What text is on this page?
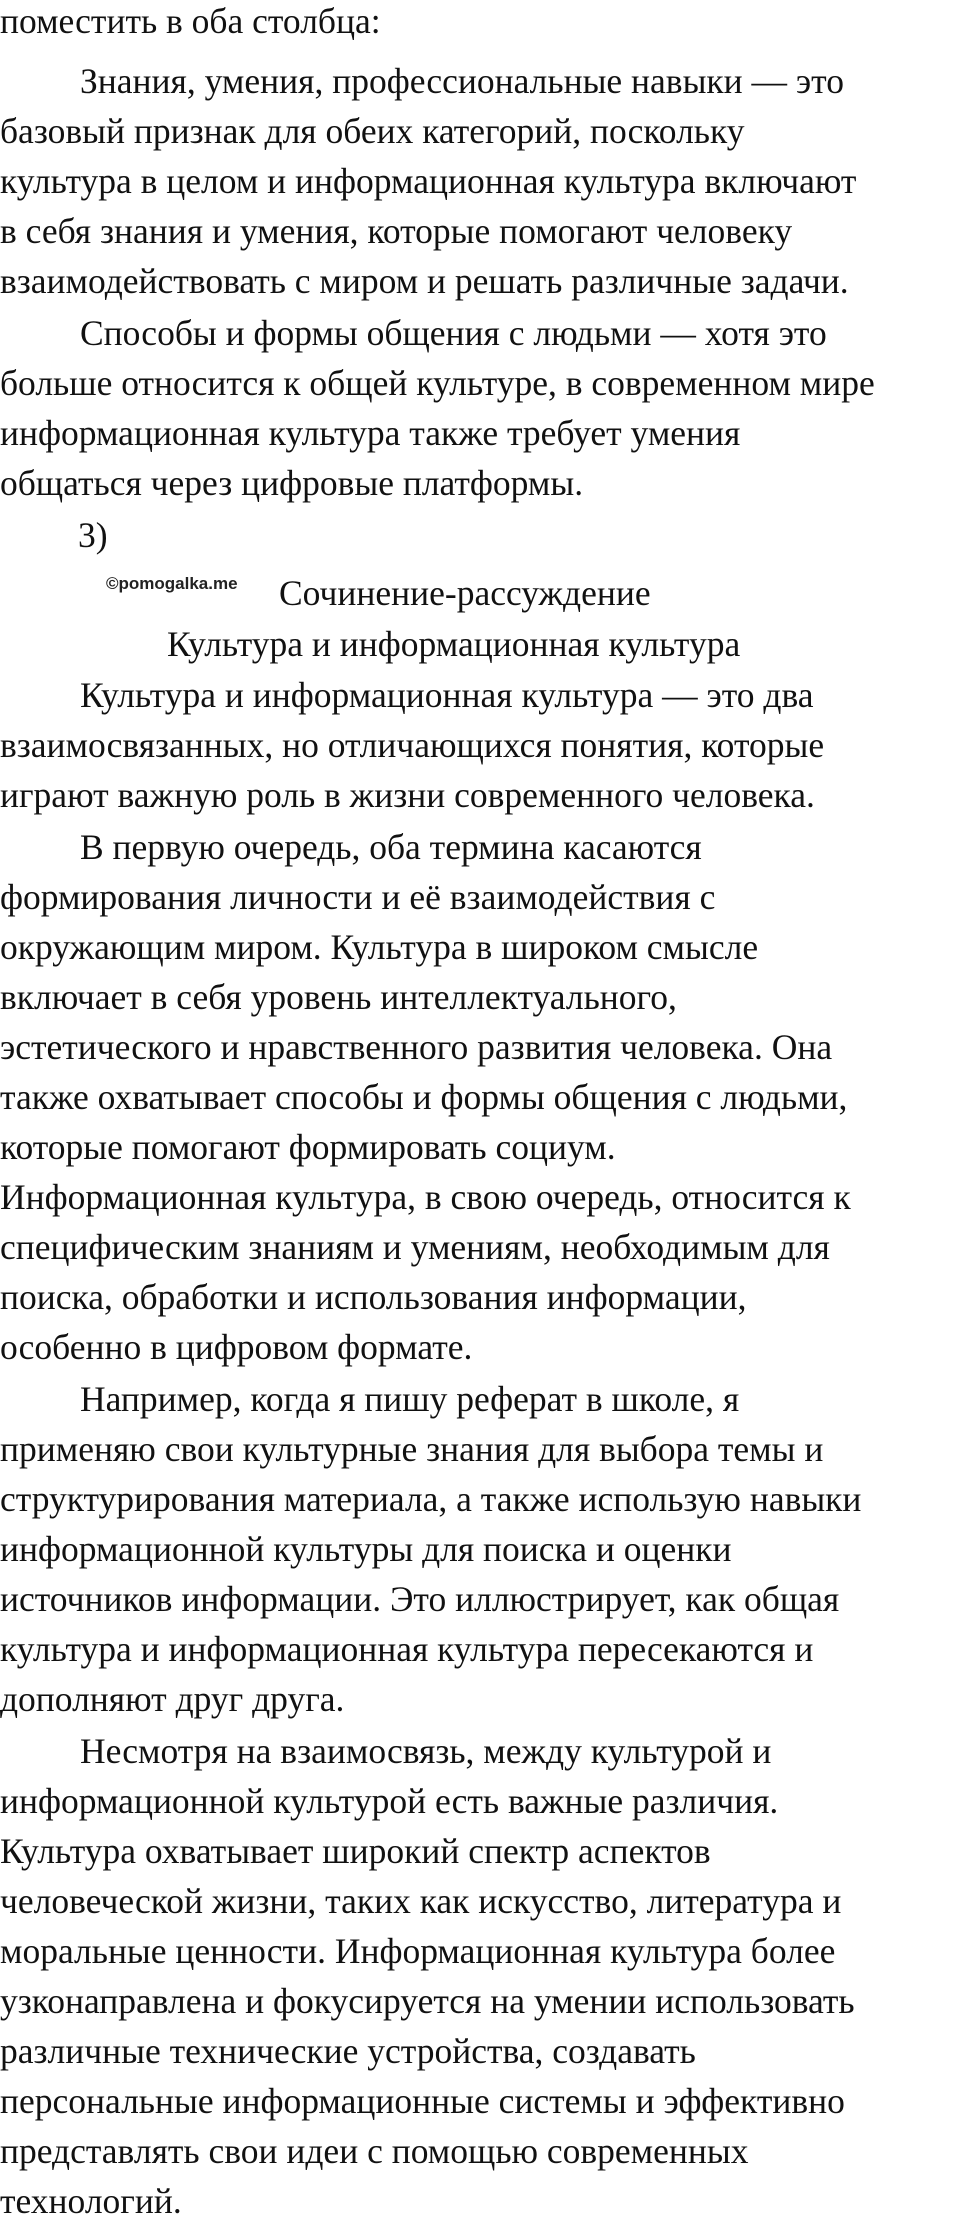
поместить в оба столбца:
Знания, умения, профессиональные навыки — это
базовый признак для обеих категорий, поскольку
культура в целом и информационная культура включают
в себя знания и умения, которые помогают человеку
взаимодействовать с миром и решать различные задачи.
Способы и формы общения с людьми — хотя это
больше относится к общей культуре, в современном мире
информационная культура также требует умения
общаться через цифровые платформы.
3)
©pomogalka.me Сочинение-рассуждение
Культура и информационная культура
Культура и информационная культура — это два
взаимосвязанных, но отличающихся понятия, которые
играют важную роль в жизни современного человека.
В первую очередь, оба термина касаются
формирования личности и её взаимодействия с
окружающим миром. Культура в широком смысле
включает в себя уровень интеллектуального,
эстетического и нравственного развития человека. Она
также охватывает способы и формы общения с людьми,
которые помогают формировать социум.
Информационная культура, в свою очередь, относится к
специфическим знаниям и умениям, необходимым для
поиска, обработки и использования информации,
особенно в цифровом формате.
Например, когда я пишу реферат в школе, я
применяю свои культурные знания для выбора темы и
структурирования материала, а также использую навыки
информационной культуры для поиска и оценки
источников информации. Это иллюстрирует, как общая
культура и информационная культура пересекаются и
дополняют друг друга.
Несмотря на взаимосвязь, между культурой и
информационной культурой есть важные различия.
Культура охватывает широкий спектр аспектов
человеческой жизни, таких как искусство, литература и
моральные ценности. Информационная культура более
узконаправлена и фокусируется на умении использовать
различные технические устройства, создавать
персональные информационные системы и эффективно
представлять свои идеи с помощью современных
технологий.
